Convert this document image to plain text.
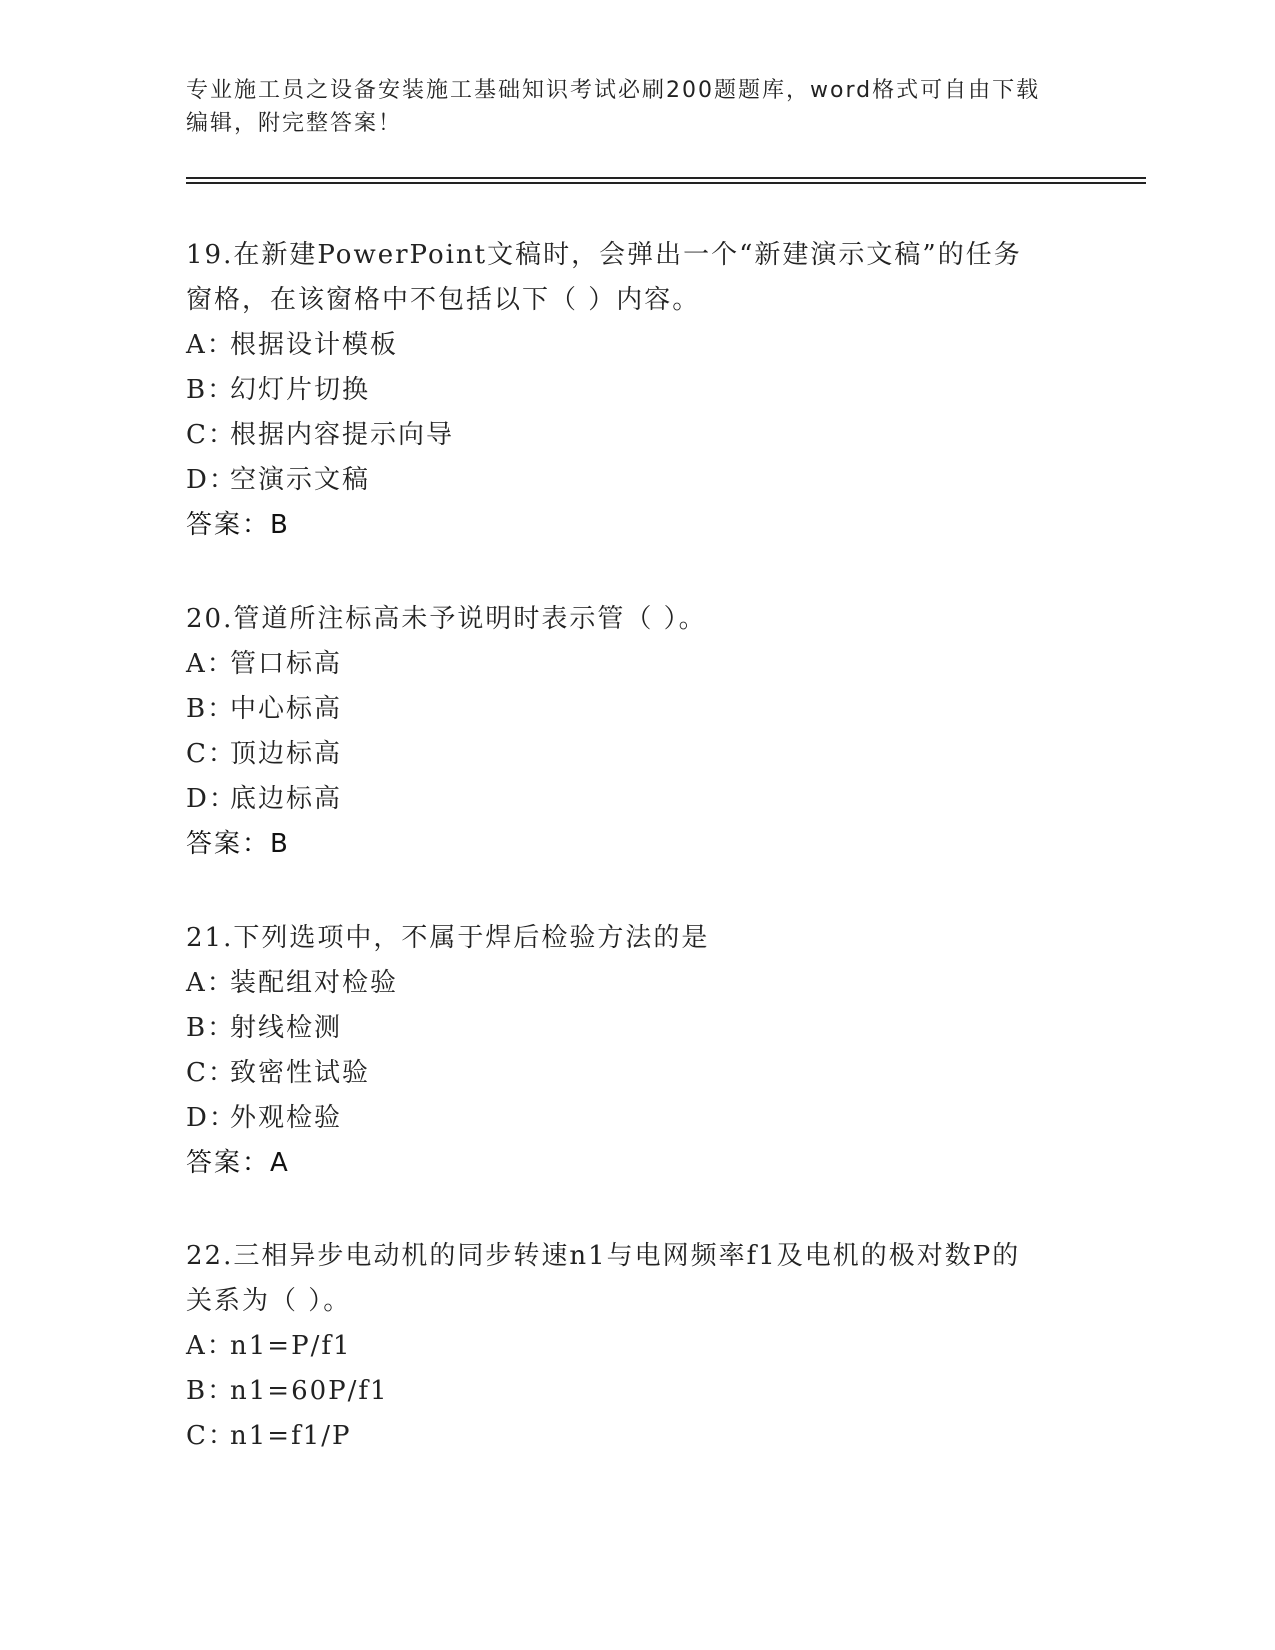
专业施工员之设备安装施工基础知识考试必刷200题题库，word格式可自由下载
编辑，附完整答案！
19.在新建PowerPoint文稿时，会弹出一个“新建演示文稿”的任务
窗格，在该窗格中不包括以下（ ）内容。
A：根据设计模板
B：幻灯片切换
C：根据内容提示向导
D：空演示文稿
答案：B
20.管道所注标高未予说明时表示管（ ）。
A：管口标高
B：中心标高
C：顶边标高
D：底边标高
答案：B
21.下列选项中，不属于焊后检验方法的是
A：装配组对检验
B：射线检测
C：致密性试验
D：外观检验
答案：A
22.三相异步电动机的同步转速n1与电网频率f1及电机的极对数P的
关系为（ ）。
A：n1=P/f1
B：n1=60P/f1
C：n1=f1/P
